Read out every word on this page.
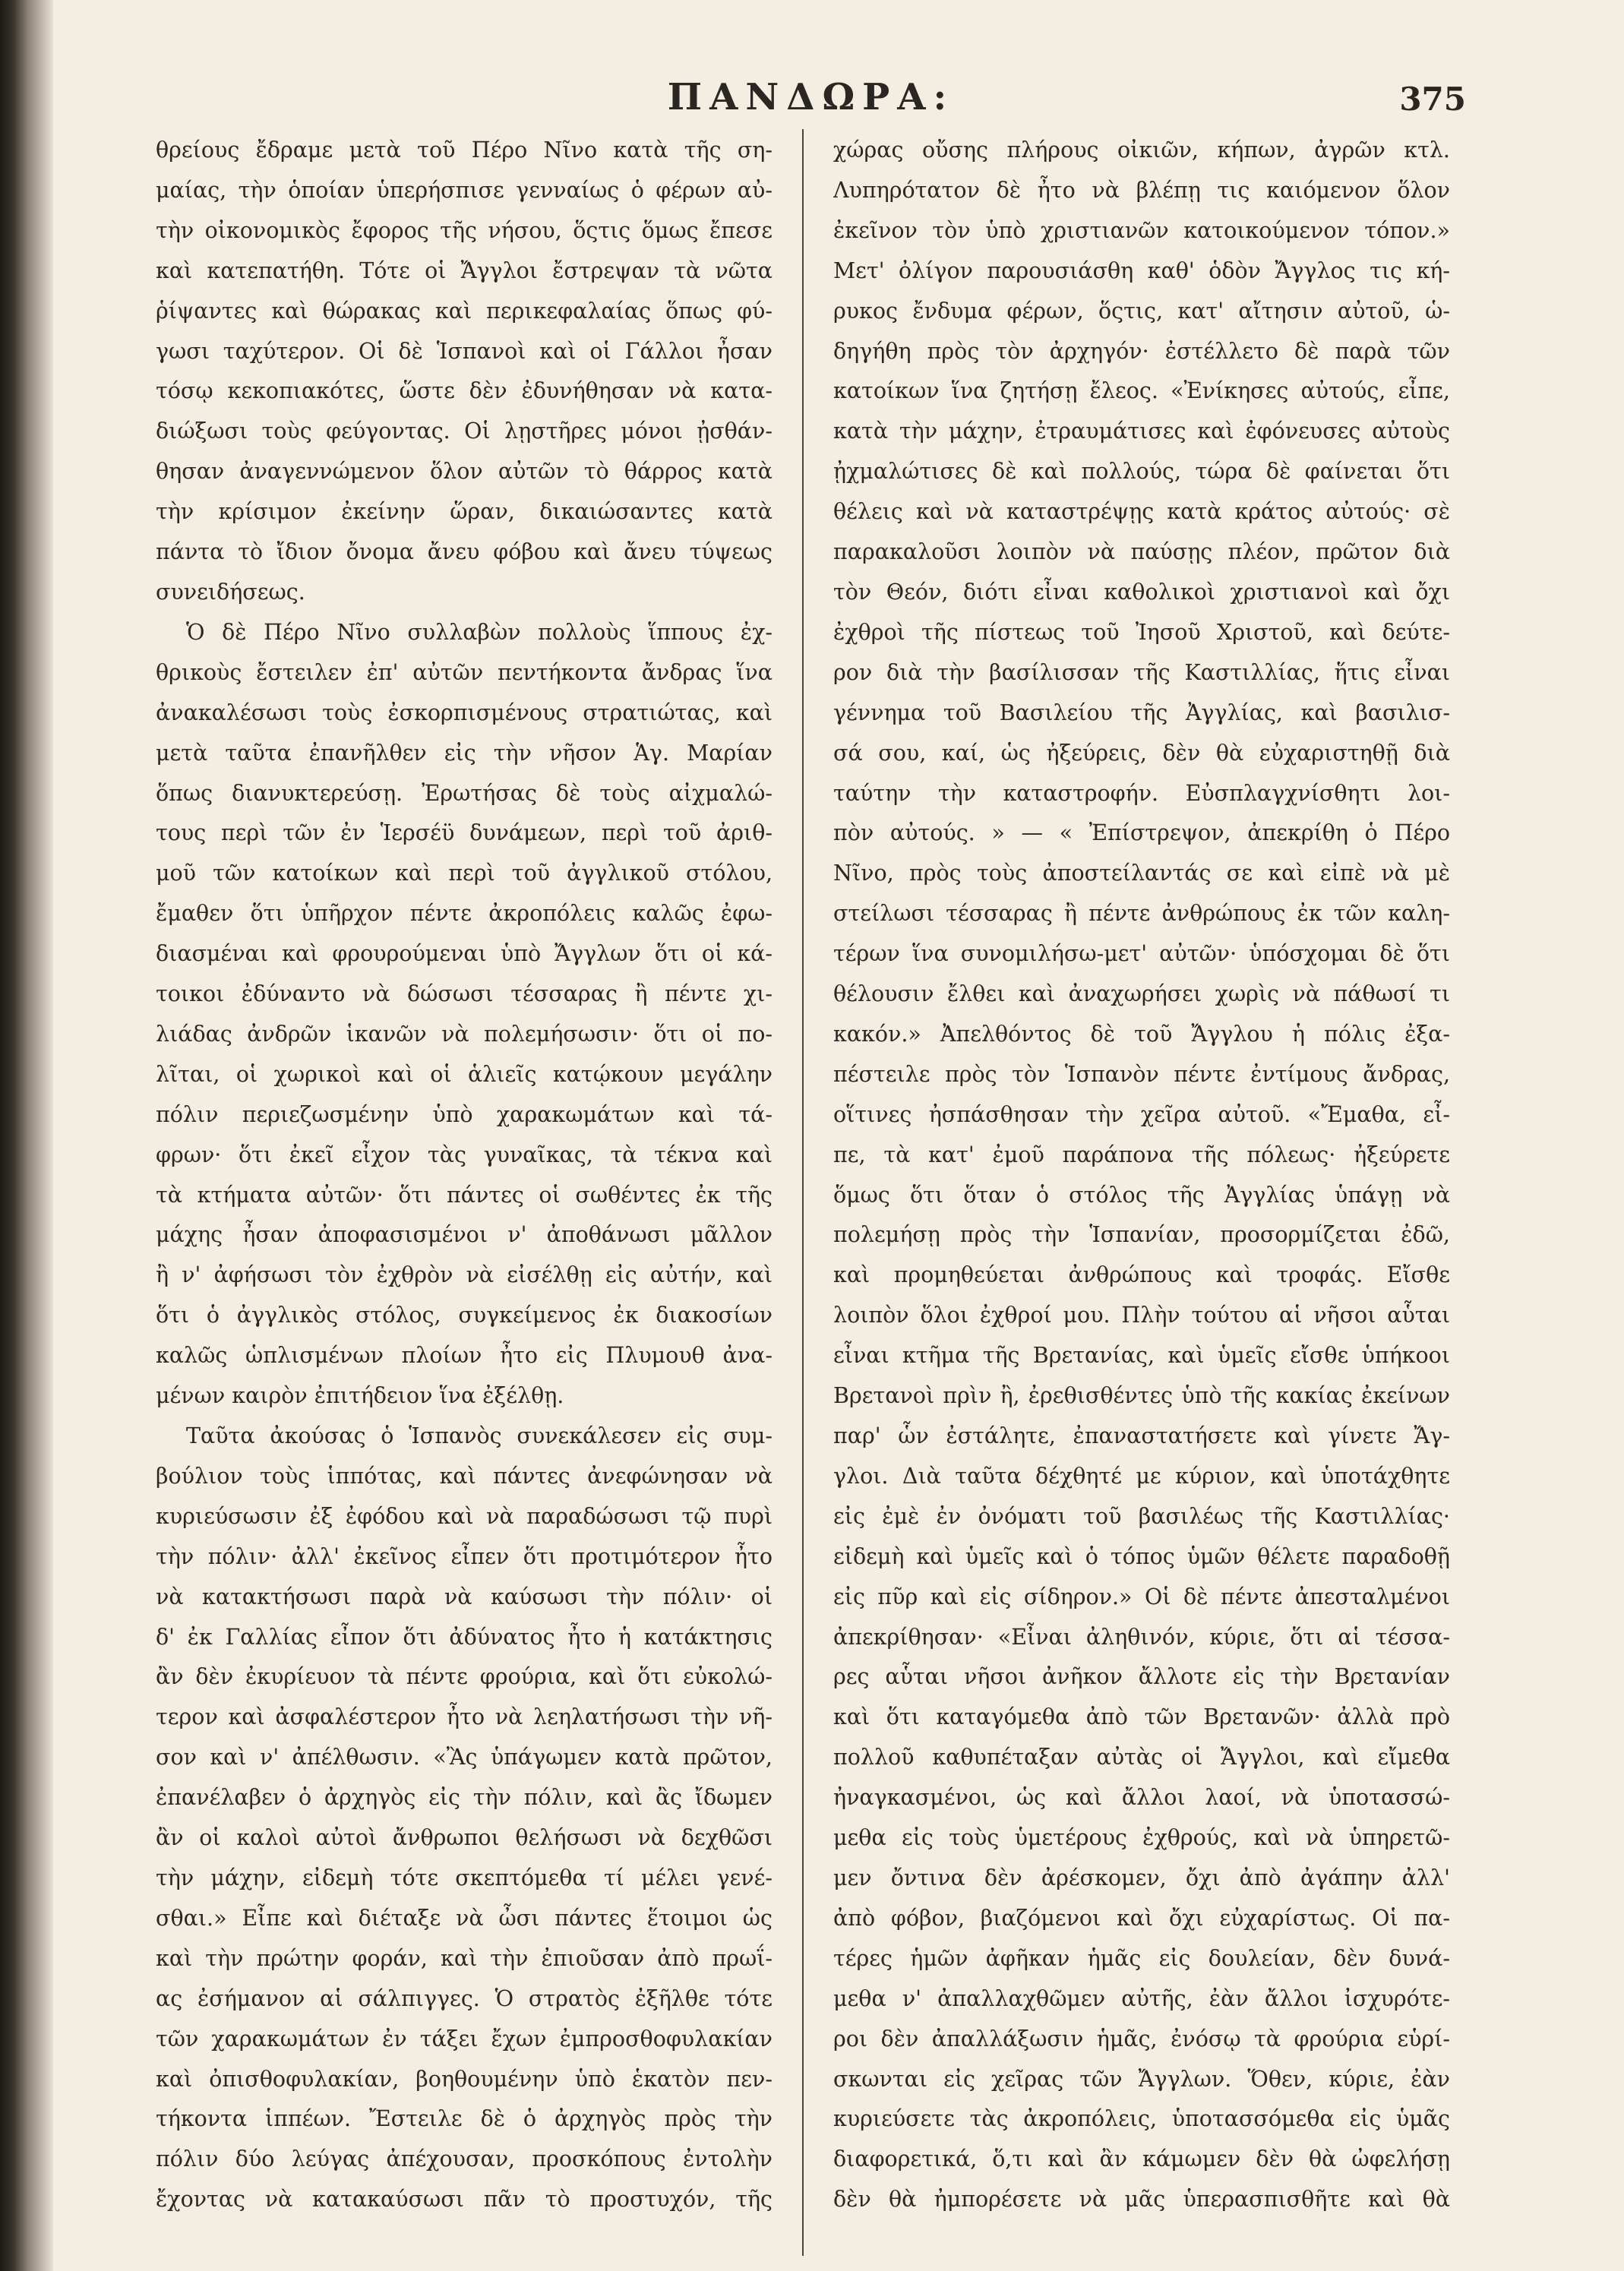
ΠΑΝΔΩΡΑ:	375
θρείους ἔδραμε μετὰ τοῦ Πέρο Νῖνο κατὰ τῆς ση-
μαίας, τὴν ὁποίαν ὑπερήσπισε γενναίως ὁ φέρων αὐ-
τὴν οἰκονομικὸς ἔφορος τῆς νήσου, ὅςτις ὅμως ἔπεσε
καὶ κατεπατήθη. Τότε οἱ Ἄγγλοι ἔστρεψαν τὰ νῶτα
ῥίψαντες καὶ θώρακας καὶ περικεφαλαίας ὅπως φύ-
γωσι ταχύτερον. Οἱ δὲ Ἱσπανοὶ καὶ οἱ Γάλλοι ἦσαν
τόσῳ κεκοπιακότες, ὥστε δὲν ἐδυνήθησαν νὰ κατα-
διώξωσι τοὺς φεύγοντας. Οἱ λῃστῆρες μόνοι ᾐσθάν-
θησαν ἀναγεννώμενον ὅλον αὐτῶν τὸ θάρρος κατὰ
τὴν κρίσιμον ἐκείνην ὥραν, δικαιώσαντες κατὰ
πάντα τὸ ἴδιον ὄνομα ἄνευ φόβου καὶ ἄνευ τύψεως
συνειδήσεως.
Ὁ δὲ Πέρο Νῖνο συλλαβὼν πολλοὺς ἵππους ἐχ-
θρικοὺς ἔστειλεν ἐπ' αὐτῶν πεντήκοντα ἄνδρας ἵνα
ἀνακαλέσωσι τοὺς ἐσκορπισμένους στρατιώτας, καὶ
μετὰ ταῦτα ἐπανῆλθεν εἰς τὴν νῆσον Ἁγ. Μαρίαν
ὅπως διανυκτερεύσῃ. Ἐρωτήσας δὲ τοὺς αἰχμαλώ-
τους περὶ τῶν ἐν Ἱερσέϋ δυνάμεων, περὶ τοῦ ἀριθ-
μοῦ τῶν κατοίκων καὶ περὶ τοῦ ἀγγλικοῦ στόλου,
ἔμαθεν ὅτι ὑπῆρχον πέντε ἀκροπόλεις καλῶς ἐφω-
διασμέναι καὶ φρουρούμεναι ὑπὸ Ἄγγλων ὅτι οἱ κά-
τοικοι ἐδύναντο νὰ δώσωσι τέσσαρας ἢ πέντε χι-
λιάδας ἀνδρῶν ἱκανῶν νὰ πολεμήσωσιν· ὅτι οἱ πο-
λῖται, οἱ χωρικοὶ καὶ οἱ ἁλιεῖς κατῴκουν μεγάλην
πόλιν περιεζωσμένην ὑπὸ χαρακωμάτων καὶ τά-
φρων· ὅτι ἐκεῖ εἶχον τὰς γυναῖκας, τὰ τέκνα καὶ
τὰ κτήματα αὐτῶν· ὅτι πάντες οἱ σωθέντες ἐκ τῆς
μάχης ἦσαν ἀποφασισμένοι ν' ἀποθάνωσι μᾶλλον
ἢ ν' ἀφήσωσι τὸν ἐχθρὸν νὰ εἰσέλθῃ εἰς αὐτήν, καὶ
ὅτι ὁ ἀγγλικὸς στόλος, συγκείμενος ἐκ διακοσίων
καλῶς ὡπλισμένων πλοίων ἦτο εἰς Πλυμουθ ἀνα-
μένων καιρὸν ἐπιτήδειον ἵνα ἐξέλθῃ.
Ταῦτα ἀκούσας ὁ Ἱσπανὸς συνεκάλεσεν εἰς συμ-
βούλιον τοὺς ἱππότας, καὶ πάντες ἀνεφώνησαν νὰ
κυριεύσωσιν ἐξ ἐφόδου καὶ νὰ παραδώσωσι τῷ πυρὶ
τὴν πόλιν· ἀλλ' ἐκεῖνος εἶπεν ὅτι προτιμότερον ἦτο
νὰ κατακτήσωσι παρὰ νὰ καύσωσι τὴν πόλιν· οἱ
δ' ἐκ Γαλλίας εἶπον ὅτι ἀδύνατος ἦτο ἡ κατάκτησις
ἂν δὲν ἐκυρίευον τὰ πέντε φρούρια, καὶ ὅτι εὐκολώ-
τερον καὶ ἀσφαλέστερον ἦτο νὰ λεηλατήσωσι τὴν νῆ-
σον καὶ ν' ἀπέλθωσιν. «Ἂς ὑπάγωμεν κατὰ πρῶτον,
ἐπανέλαβεν ὁ ἀρχηγὸς εἰς τὴν πόλιν, καὶ ἂς ἴδωμεν
ἂν οἱ καλοὶ αὐτοὶ ἄνθρωποι θελήσωσι νὰ δεχθῶσι
τὴν μάχην, εἰδεμὴ τότε σκεπτόμεθα τί μέλει γενέ-
σθαι.» Εἶπε καὶ διέταξε νὰ ὦσι πάντες ἕτοιμοι ὡς
καὶ τὴν πρώτην φοράν, καὶ τὴν ἐπιοῦσαν ἀπὸ πρωΐ-
ας ἐσήμανον αἱ σάλπιγγες. Ὁ στρατὸς ἐξῆλθε τότε
τῶν χαρακωμάτων ἐν τάξει ἔχων ἐμπροσθοφυλακίαν
καὶ ὀπισθοφυλακίαν, βοηθουμένην ὑπὸ ἑκατὸν πεν-
τήκοντα ἱππέων. Ἔστειλε δὲ ὁ ἀρχηγὸς πρὸς τὴν
πόλιν δύο λεύγας ἀπέχουσαν, προσκόπους ἐντολὴν
ἔχοντας νὰ κατακαύσωσι πᾶν τὸ προστυχόν, τῆς
χώρας οὔσης πλήρους οἰκιῶν, κήπων, ἀγρῶν κτλ.
Λυπηρότατον δὲ ἦτο νὰ βλέπῃ τις καιόμενον ὅλον
ἐκεῖνον τὸν ὑπὸ χριστιανῶν κατοικούμενον τόπον.»
Μετ' ὀλίγον παρουσιάσθη καθ' ὁδὸν Ἄγγλος τις κή-
ρυκος ἔνδυμα φέρων, ὅςτις, κατ' αἴτησιν αὐτοῦ, ὡ-
δηγήθη πρὸς τὸν ἀρχηγόν· ἐστέλλετο δὲ παρὰ τῶν
κατοίκων ἵνα ζητήσῃ ἔλεος. «Ἐνίκησες αὐτούς, εἶπε,
κατὰ τὴν μάχην, ἐτραυμάτισες καὶ ἐφόνευσες αὐτοὺς
ᾐχμαλώτισες δὲ καὶ πολλούς, τώρα δὲ φαίνεται ὅτι
θέλεις καὶ νὰ καταστρέψῃς κατὰ κράτος αὐτούς· σὲ
παρακαλοῦσι λοιπὸν νὰ παύσῃς πλέον, πρῶτον διὰ
τὸν Θεόν, διότι εἶναι καθολικοὶ χριστιανοὶ καὶ ὄχι
ἐχθροὶ τῆς πίστεως τοῦ Ἰησοῦ Χριστοῦ, καὶ δεύτε-
ρον διὰ τὴν βασίλισσαν τῆς Καστιλλίας, ἥτις εἶναι
γέννημα τοῦ Βασιλείου τῆς Ἀγγλίας, καὶ βασιλισ-
σά σου, καί, ὡς ἠξεύρεις, δὲν θὰ εὐχαριστηθῇ διὰ
ταύτην τὴν καταστροφήν. Εὐσπλαγχνίσθητι λοι-
πὸν αὐτούς. » — « Ἐπίστρεψον, ἀπεκρίθη ὁ Πέρο
Νῖνο, πρὸς τοὺς ἀποστείλαντάς σε καὶ εἰπὲ νὰ μὲ
στείλωσι τέσσαρας ἢ πέντε ἀνθρώπους ἐκ τῶν καλη-
τέρων ἵνα συνομιλήσω-μετ' αὐτῶν· ὑπόσχομαι δὲ ὅτι
θέλουσιν ἔλθει καὶ ἀναχωρήσει χωρὶς νὰ πάθωσί τι
κακόν.» Ἀπελθόντος δὲ τοῦ Ἄγγλου ἡ πόλις ἐξα-
πέστειλε πρὸς τὸν Ἱσπανὸν πέντε ἐντίμους ἄνδρας,
οἵτινες ἠσπάσθησαν τὴν χεῖρα αὐτοῦ. «Ἔμαθα, εἶ-
πε, τὰ κατ' ἐμοῦ παράπονα τῆς πόλεως· ἠξεύρετε
ὅμως ὅτι ὅταν ὁ στόλος τῆς Ἀγγλίας ὑπάγῃ νὰ
πολεμήσῃ πρὸς τὴν Ἱσπανίαν, προσορμίζεται ἐδῶ,
καὶ προμηθεύεται ἀνθρώπους καὶ τροφάς. Εἴσθε
λοιπὸν ὅλοι ἐχθροί μου. Πλὴν τούτου αἱ νῆσοι αὗται
εἶναι κτῆμα τῆς Βρετανίας, καὶ ὑμεῖς εἴσθε ὑπήκοοι
Βρετανοὶ πρὶν ἢ, ἐρεθισθέντες ὑπὸ τῆς κακίας ἐκείνων
παρ' ὧν ἐστάλητε, ἐπαναστατήσετε καὶ γίνετε Ἄγ-
γλοι. Διὰ ταῦτα δέχθητέ με κύριον, καὶ ὑποτάχθητε
εἰς ἐμὲ ἐν ὀνόματι τοῦ βασιλέως τῆς Καστιλλίας·
εἰδεμὴ καὶ ὑμεῖς καὶ ὁ τόπος ὑμῶν θέλετε παραδοθῇ
εἰς πῦρ καὶ εἰς σίδηρον.» Οἱ δὲ πέντε ἀπεσταλμένοι
ἀπεκρίθησαν· «Εἶναι ἀληθινόν, κύριε, ὅτι αἱ τέσσα-
ρες αὗται νῆσοι ἀνῆκον ἄλλοτε εἰς τὴν Βρετανίαν
καὶ ὅτι καταγόμεθα ἀπὸ τῶν Βρετανῶν· ἀλλὰ πρὸ
πολλοῦ καθυπέταξαν αὐτὰς οἱ Ἄγγλοι, καὶ εἴμεθα
ἠναγκασμένοι, ὡς καὶ ἄλλοι λαοί, νὰ ὑποτασσώ-
μεθα εἰς τοὺς ὑμετέρους ἐχθρούς, καὶ νὰ ὑπηρετῶ-
μεν ὄντινα δὲν ἀρέσκομεν, ὄχι ἀπὸ ἀγάπην ἀλλ'
ἀπὸ φόβον, βιαζόμενοι καὶ ὄχι εὐχαρίστως. Οἱ πα-
τέρες ἡμῶν ἀφῆκαν ἡμᾶς εἰς δουλείαν, δὲν δυνά-
μεθα ν' ἀπαλλαχθῶμεν αὐτῆς, ἐὰν ἄλλοι ἰσχυρότε-
ροι δὲν ἀπαλλάξωσιν ἡμᾶς, ἐνόσῳ τὰ φρούρια εὑρί-
σκωνται εἰς χεῖρας τῶν Ἄγγλων. Ὅθεν, κύριε, ἐὰν
κυριεύσετε τὰς ἀκροπόλεις, ὑποτασσόμεθα εἰς ὑμᾶς
διαφορετικά, ὅ,τι καὶ ἂν κάμωμεν δὲν θὰ ὠφελήσῃ
δὲν θὰ ἠμπορέσετε νὰ μᾶς ὑπερασπισθῆτε καὶ θὰ
